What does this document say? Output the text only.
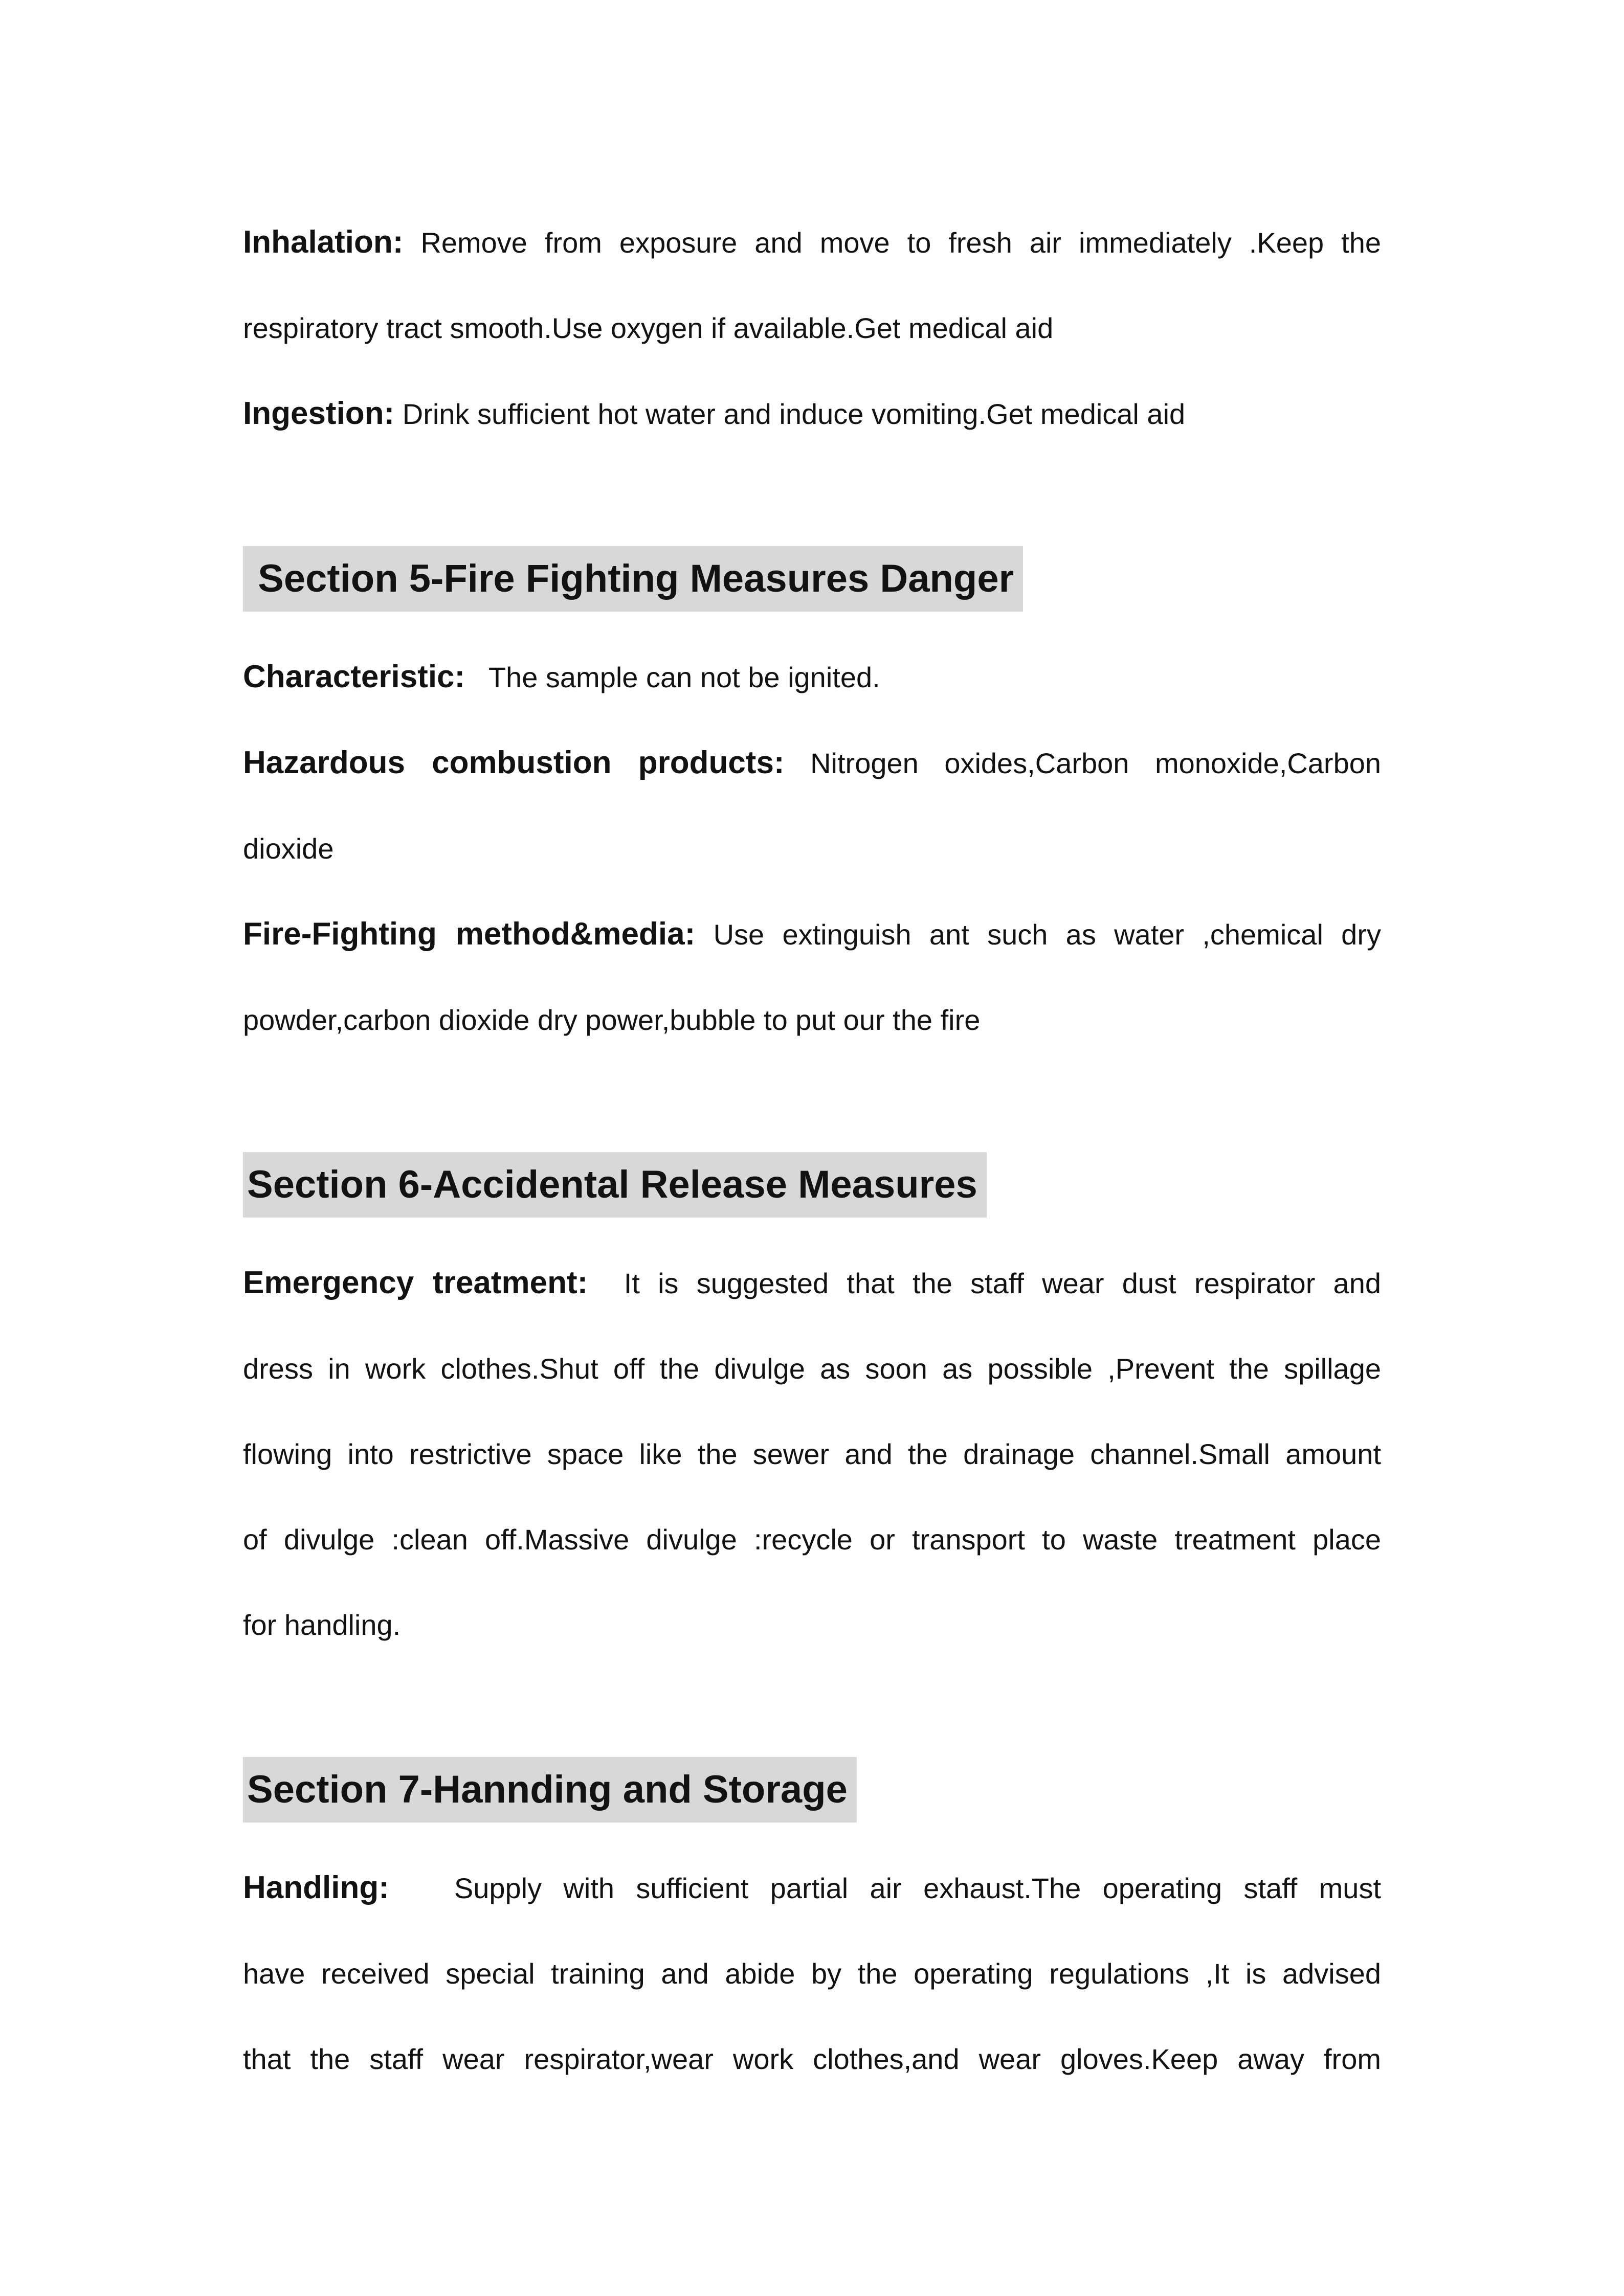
Inhalation: Remove from exposure and move to fresh air immediately .Keep the
respiratory tract smooth.Use oxygen if available.Get medical aid

Ingestion: Drink sufficient hot water and induce vomiting.Get medical aid

Section 5-Fire Fighting Measures Danger

Characteristic:   The sample can not be ignited.

Hazardous combustion products: Nitrogen oxides,Carbon monoxide,Carbon
dioxide

Fire-Fighting method&media: Use extinguish ant such as water ,chemical dry
powder,carbon dioxide dry power,bubble to put our the fire

Section 6-Accidental Release Measures

Emergency treatment:  It is suggested that the staff wear dust respirator and
dress in work clothes.Shut off the divulge as soon as possible ,Prevent the spillage
flowing into restrictive space like the sewer and the drainage channel.Small amount
of divulge :clean off.Massive divulge :recycle or transport to waste treatment place
for handling.

Section 7-Hannding and Storage

Handling:   Supply with sufficient partial air exhaust.The operating staff must
have received special training and abide by the operating regulations ,It is advised
that the staff wear respirator,wear work clothes,and wear gloves.Keep away from
